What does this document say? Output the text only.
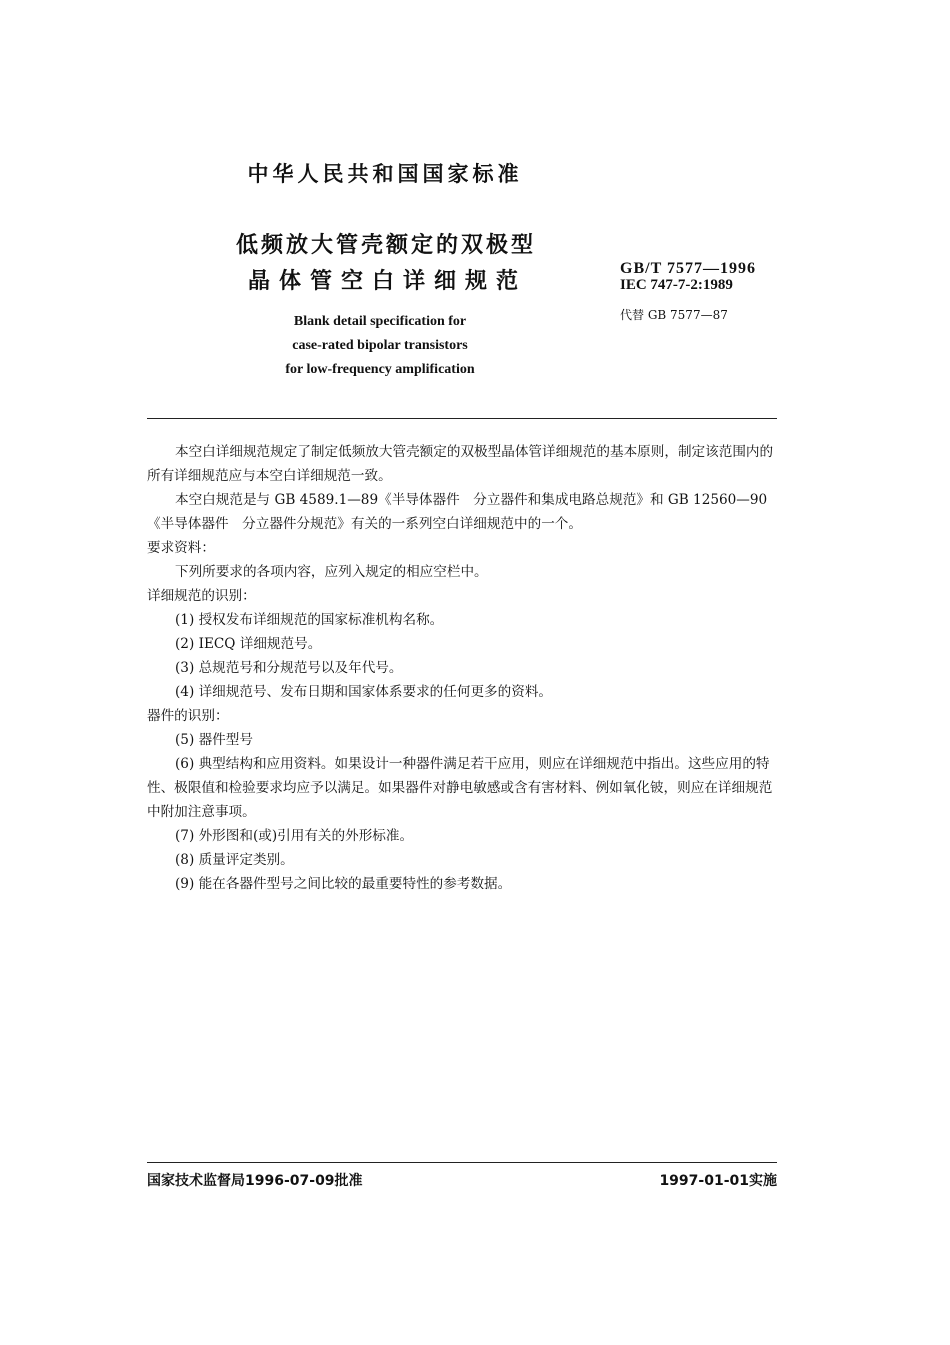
中华人民共和国国家标准
低频放大管壳额定的双极型
晶体管空白详细规范
GB/T 7577—1996
IEC 747-7-2:1989
代替 GB 7577—87
Blank detail specification for
case-rated bipolar transistors
for low-frequency amplification

本空白详细规范规定了制定低频放大管壳额定的双极型晶体管详细规范的基本原则，制定该范围内的所有详细规范应与本空白详细规范一致。

本空白规范是与 GB 4589.1—89《半导体器件　分立器件和集成电路总规范》和 GB 12560—90《半导体器件　分立器件分规范》有关的一系列空白详细规范中的一个。

要求资料：

下列所要求的各项内容，应列入规定的相应空栏中。

详细规范的识别：

(1) 授权发布详细规范的国家标准机构名称。

(2) IECQ 详细规范号。

(3) 总规范号和分规范号以及年代号。

(4) 详细规范号、发布日期和国家体系要求的任何更多的资料。

器件的识别：

(5) 器件型号

(6) 典型结构和应用资料。如果设计一种器件满足若干应用，则应在详细规范中指出。这些应用的特性、极限值和检验要求均应予以满足。如果器件对静电敏感或含有害材料、例如氧化铍，则应在详细规范中附加注意事项。

(7) 外形图和(或)引用有关的外形标准。

(8) 质量评定类别。

(9) 能在各器件型号之间比较的最重要特性的参考数据。

国家技术监督局1996-07-09批准	1997-01-01实施
